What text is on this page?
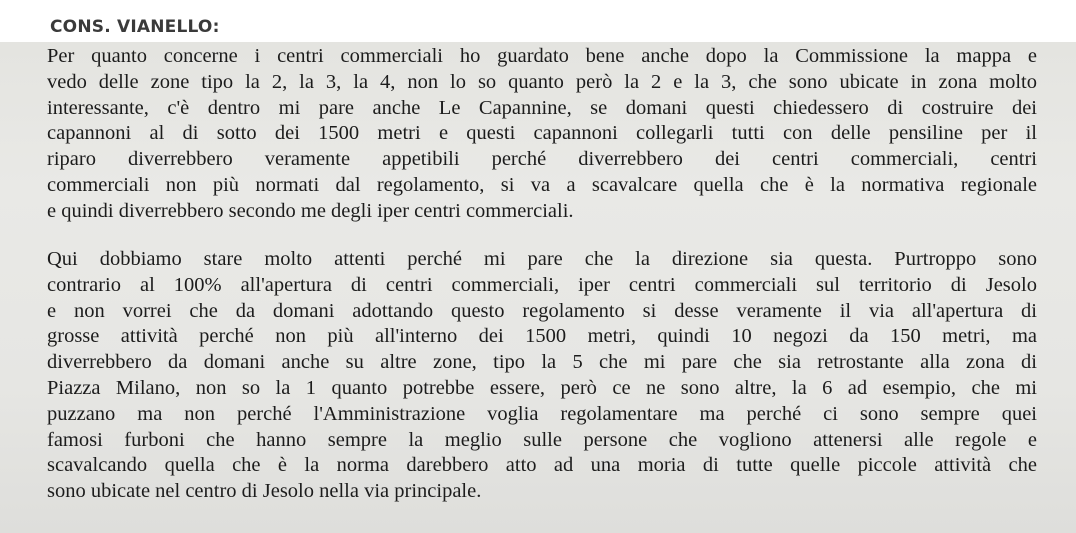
CONS. VIANELLO:
Per quanto concerne i centri commerciali ho guardato bene anche dopo la Commissione la mappa e
vedo delle zone tipo la 2, la 3, la 4, non lo so quanto però la 2 e la 3, che sono ubicate in zona molto
interessante, c'è dentro mi pare anche Le Capannine, se domani questi chiedessero di costruire dei
capannoni al di sotto dei 1500 metri e questi capannoni collegarli tutti con delle pensiline per il
riparo diverrebbero veramente appetibili perché diverrebbero dei centri commerciali, centri
commerciali non più normati dal regolamento, si va a scavalcare quella che è la normativa regionale
e quindi diverrebbero secondo me degli iper centri commerciali.
Qui dobbiamo stare molto attenti perché mi pare che la direzione sia questa. Purtroppo sono
contrario al 100% all'apertura di centri commerciali, iper centri commerciali sul territorio di Jesolo
e non vorrei che da domani adottando questo regolamento si desse veramente il via all'apertura di
grosse attività perché non più all'interno dei 1500 metri, quindi 10 negozi da 150 metri, ma
diverrebbero da domani anche su altre zone, tipo la 5 che mi pare che sia retrostante alla zona di
Piazza Milano, non so la 1 quanto potrebbe essere, però ce ne sono altre, la 6 ad esempio, che mi
puzzano ma non perché l'Amministrazione voglia regolamentare ma perché ci sono sempre quei
famosi furboni che hanno sempre la meglio sulle persone che vogliono attenersi alle regole e
scavalcando quella che è la norma darebbero atto ad una moria di tutte quelle piccole attività che
sono ubicate nel centro di Jesolo nella via principale.
